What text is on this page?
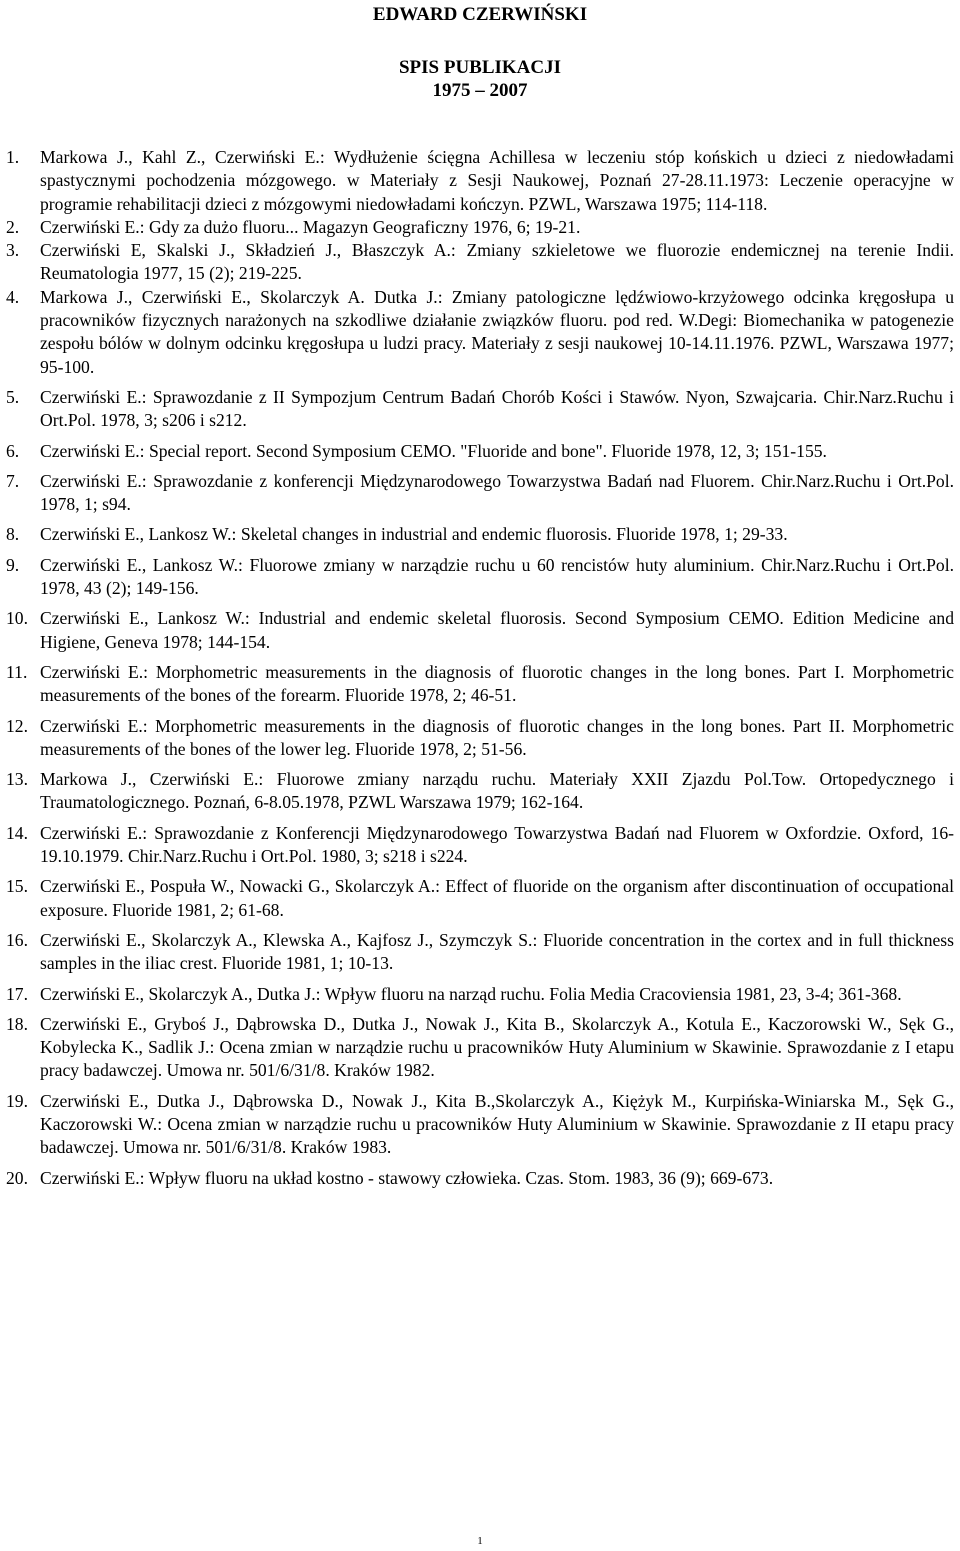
EDWARD CZERWIŃSKI
SPIS PUBLIKACJI
1975 – 2007
1.	Markowa J., Kahl Z., Czerwiński E.: Wydłużenie ścięgna Achillesa w leczeniu stóp końskich u dzieci z niedowładami spastycznymi pochodzenia mózgowego. w Materiały z Sesji Naukowej, Poznań 27-28.11.1973: Leczenie operacyjne w programie rehabilitacji dzieci z mózgowymi niedowładami kończyn. PZWL, Warszawa 1975; 114-118.
2.	Czerwiński E.: Gdy za dużo fluoru... Magazyn Geograficzny 1976, 6; 19-21.
3.	Czerwiński E, Skalski J., Składzień J., Błaszczyk A.: Zmiany szkieletowe we fluorozie endemicznej na terenie Indii. Reumatologia 1977, 15 (2); 219-225.
4.	Markowa J., Czerwiński E., Skolarczyk A. Dutka J.: Zmiany patologiczne lędźwiowo-krzyżowego odcinka kręgosłupa u pracowników fizycznych narażonych na szkodliwe działanie związków fluoru. pod red. W.Degi: Biomechanika w patogenezie zespołu bólów w dolnym odcinku kręgosłupa u ludzi pracy. Materiały z sesji naukowej 10-14.11.1976. PZWL, Warszawa 1977; 95-100.
5.	Czerwiński E.: Sprawozdanie z II Sympozjum Centrum Badań Chorób Kości i Stawów. Nyon, Szwajcaria. Chir.Narz.Ruchu i Ort.Pol. 1978, 3; s206 i s212.
6.	Czerwiński E.: Special report. Second Symposium CEMO. "Fluoride and bone". Fluoride 1978, 12, 3; 151-155.
7.	Czerwiński E.: Sprawozdanie z konferencji Międzynarodowego Towarzystwa Badań nad Fluorem. Chir.Narz.Ruchu i Ort.Pol. 1978, 1; s94.
8.	Czerwiński E., Lankosz W.: Skeletal changes in industrial and endemic fluorosis. Fluoride 1978, 1; 29-33.
9.	Czerwiński E., Lankosz W.: Fluorowe zmiany w narządzie ruchu u 60 rencistów huty aluminium. Chir.Narz.Ruchu i Ort.Pol. 1978, 43 (2); 149-156.
10. Czerwiński E., Lankosz W.: Industrial and endemic skeletal fluorosis. Second Symposium CEMO. Edition Medicine and Higiene, Geneva 1978; 144-154.
11. Czerwiński E.: Morphometric measurements in the diagnosis of fluorotic changes in the long bones. Part I. Morphometric measurements of the bones of the forearm. Fluoride 1978, 2; 46-51.
12. Czerwiński E.: Morphometric measurements in the diagnosis of fluorotic changes in the long bones. Part II. Morphometric measurements of the bones of the lower leg. Fluoride 1978, 2; 51-56.
13. Markowa J., Czerwiński E.: Fluorowe zmiany narządu ruchu. Materiały XXII Zjazdu Pol.Tow. Ortopedycznego i Traumatologicznego. Poznań, 6-8.05.1978, PZWL Warszawa 1979; 162-164.
14. Czerwiński E.: Sprawozdanie z Konferencji Międzynarodowego Towarzystwa Badań nad Fluorem w Oxfordzie. Oxford, 16-19.10.1979. Chir.Narz.Ruchu i Ort.Pol. 1980, 3; s218 i s224.
15. Czerwiński E., Pospuła W., Nowacki G., Skolarczyk A.: Effect of fluoride on the organism after discontinuation of occupational exposure. Fluoride 1981, 2; 61-68.
16. Czerwiński E., Skolarczyk A., Klewska A., Kajfosz J., Szymczyk S.: Fluoride concentration in the cortex and in full thickness samples in the iliac crest. Fluoride 1981, 1; 10-13.
17. Czerwiński E., Skolarczyk A., Dutka J.: Wpływ fluoru na narząd ruchu. Folia Media Cracoviensia 1981, 23, 3-4; 361-368.
18. Czerwiński E., Gryboś J., Dąbrowska D., Dutka J., Nowak J., Kita B., Skolarczyk A., Kotula E., Kaczorowski W., Sęk G., Kobylecka K., Sadlik J.: Ocena zmian w narządzie ruchu u pracowników Huty Aluminium w Skawinie. Sprawozdanie z I etapu pracy badawczej. Umowa nr. 501/6/31/8. Kraków 1982.
19. Czerwiński E., Dutka J., Dąbrowska D., Nowak J., Kita B.,Skolarczyk A., Kiężyk M., Kurpińska-Winiarska M., Sęk G., Kaczorowski W.: Ocena zmian w narządzie ruchu u pracowników Huty Aluminium w Skawinie. Sprawozdanie z II etapu pracy badawczej. Umowa nr. 501/6/31/8. Kraków 1983.
20. Czerwiński E.: Wpływ fluoru na układ kostno - stawowy człowieka. Czas. Stom. 1983, 36 (9); 669-673.
1
